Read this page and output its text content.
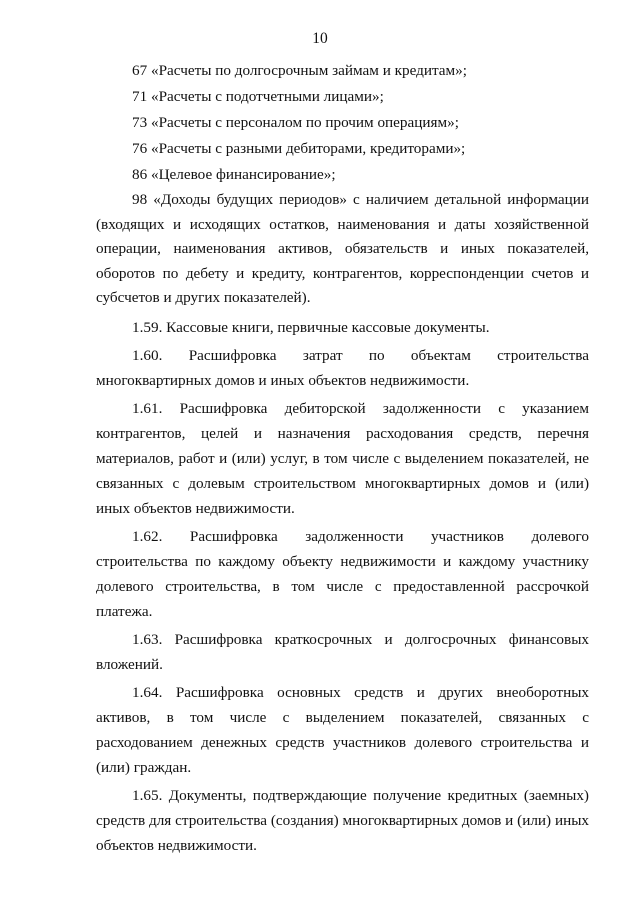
10

67 «Расчеты по долгосрочным займам и кредитам»;

71 «Расчеты с подотчетными лицами»;

73 «Расчеты с персоналом по прочим операциям»;

76 «Расчеты с разными дебиторами, кредиторами»;

86 «Целевое финансирование»;

98 «Доходы будущих периодов» с наличием детальной информации (входящих и исходящих остатков, наименования и даты хозяйственной операции, наименования активов, обязательств и иных показателей, оборотов по дебету и кредиту, контрагентов, корреспонденции счетов и субсчетов и других показателей).

1.59. Кассовые книги, первичные кассовые документы.

1.60. Расшифровка затрат по объектам строительства многоквартирных домов и иных объектов недвижимости.

1.61. Расшифровка дебиторской задолженности с указанием контрагентов, целей и назначения расходования средств, перечня материалов, работ и (или) услуг, в том числе с выделением показателей, не связанных с долевым строительством многоквартирных домов и (или) иных объектов недвижимости.

1.62. Расшифровка задолженности участников долевого строительства по каждому объекту недвижимости и каждому участнику долевого строительства, в том числе с предоставленной рассрочкой платежа.

1.63. Расшифровка краткосрочных и долгосрочных финансовых вложений.

1.64. Расшифровка основных средств и других внеоборотных активов, в том числе с выделением показателей, связанных с расходованием денежных средств участников долевого строительства и (или) граждан.

1.65. Документы, подтверждающие получение кредитных (заемных) средств для строительства (создания) многоквартирных домов и (или) иных объектов недвижимости.
